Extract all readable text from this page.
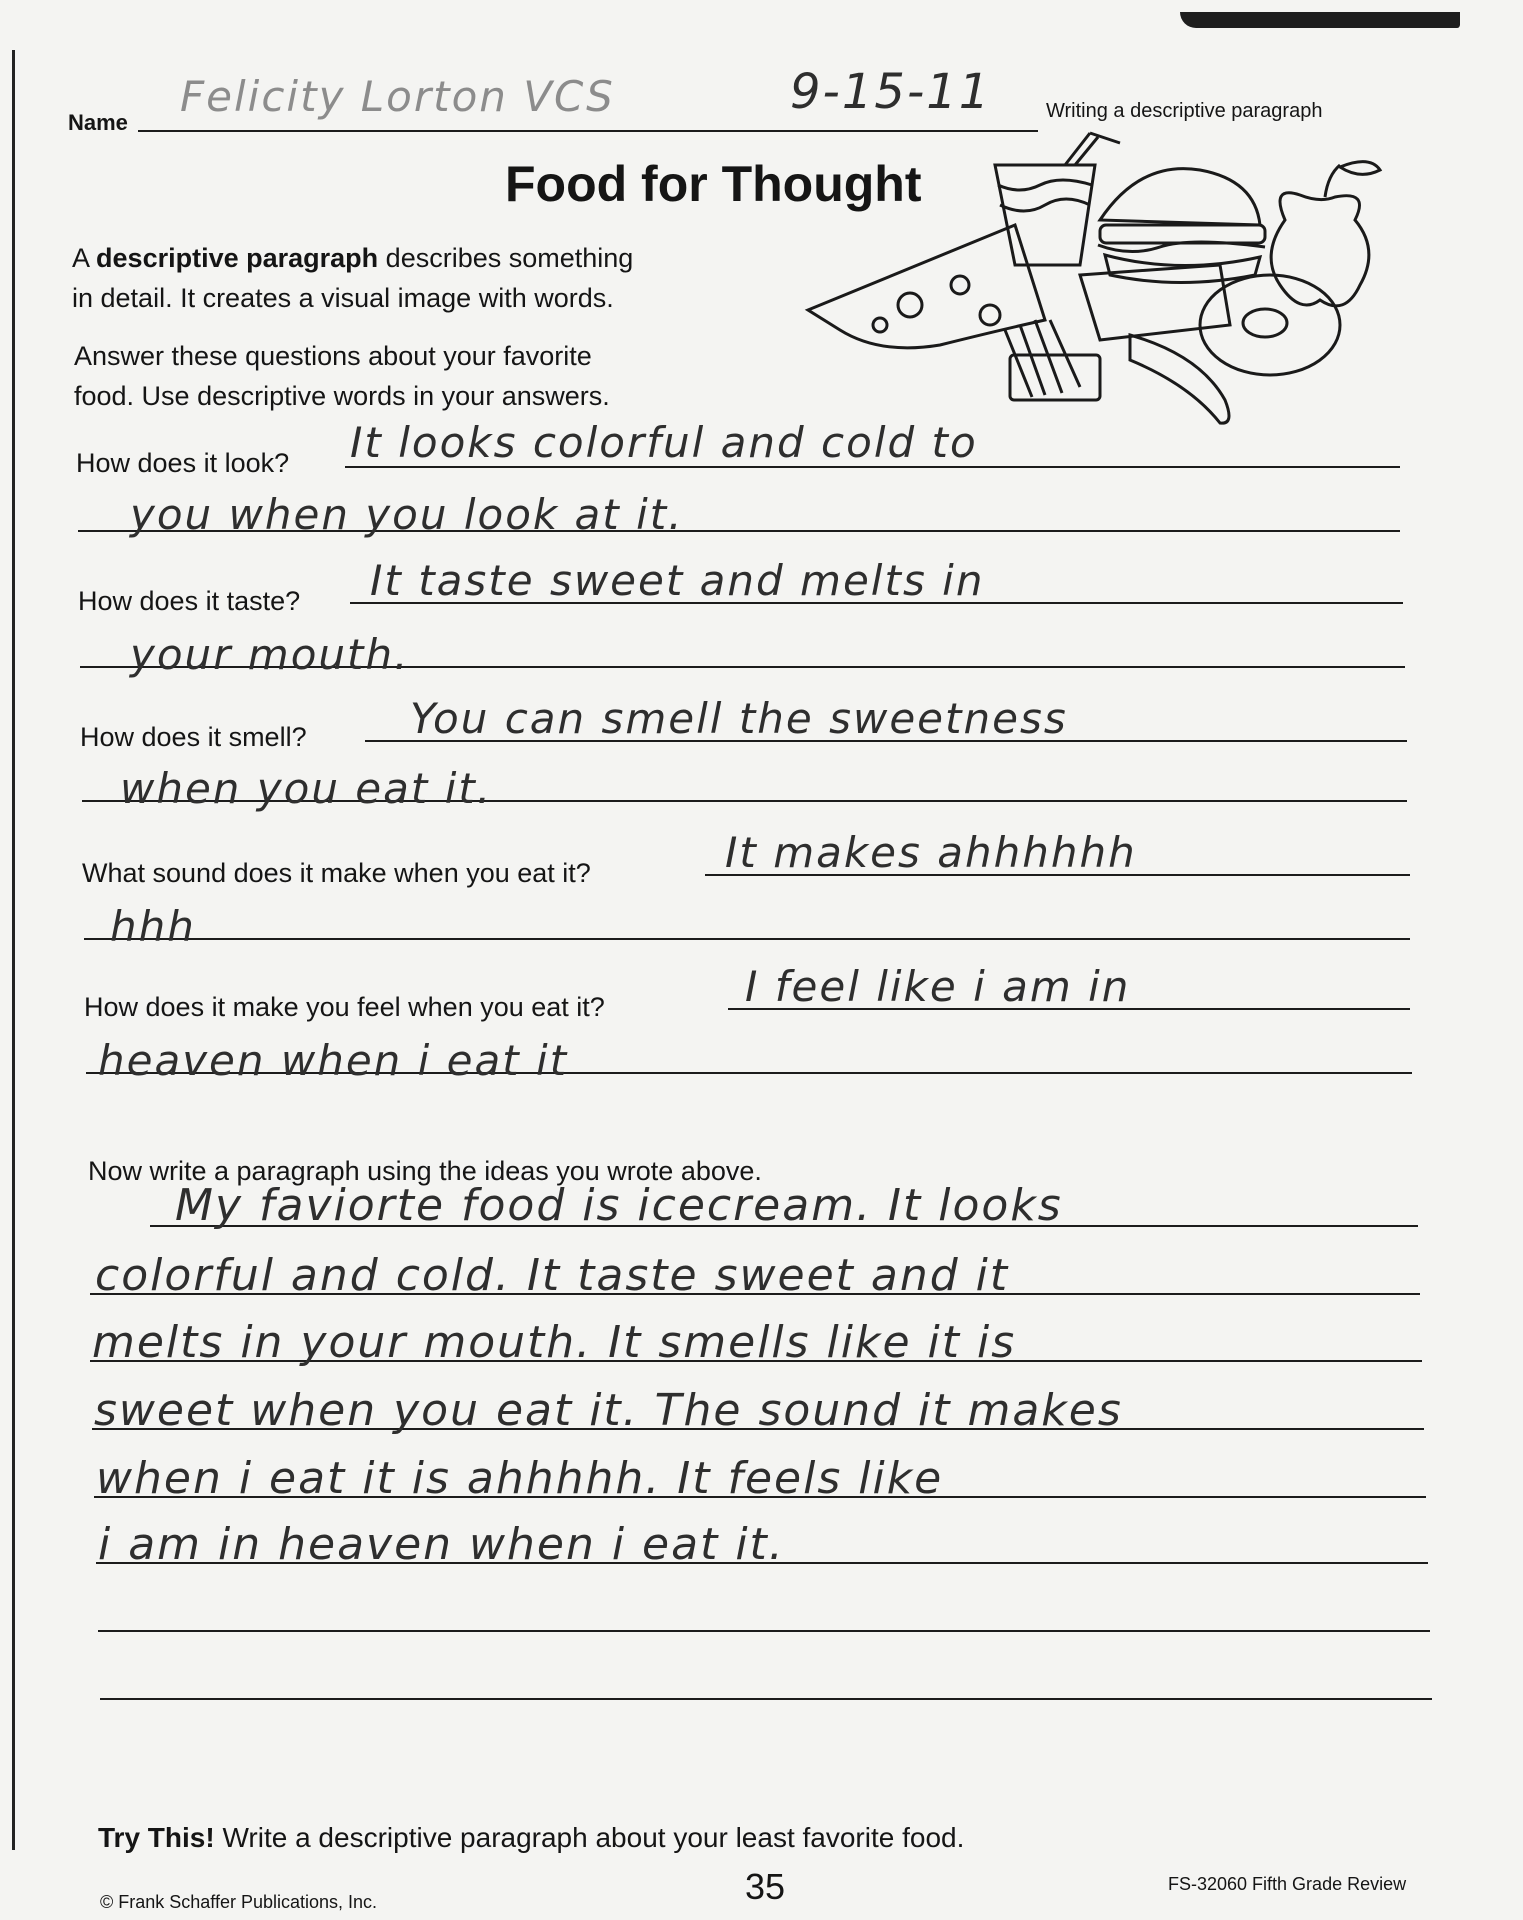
Name
Felicity Lorton VCS	9-15-11	Writing a descriptive paragraph
Food for Thought
A descriptive paragraph describes something
in detail. It creates a visual image with words.
Answer these questions about your favorite
food. Use descriptive words in your answers.
How does it look? It looks colorful and cold to
you when you look at it.
How does it taste? It taste sweet and melts in
your mouth.
How does it smell? You can smell the sweetness
when you eat it.
What sound does it make when you eat it?	It makes ahhhhhh
hhh
How does it make you feel when you eat it?	I feel like i am in
heaven when i eat it
Now write a paragraph using the ideas you wrote above.
My faviorte food is icecream. It looks
colorful and cold. It taste sweet and it
melts in your mouth. It smells like it is
sweet when you eat it. The sound it makes
when i eat it is ahhhhh. It feels like
i am in heaven when i eat it.
Try This! Write a descriptive paragraph about your least favorite food.
© Frank Schaffer Publications, Inc.	35	FS-32060 Fifth Grade Review
